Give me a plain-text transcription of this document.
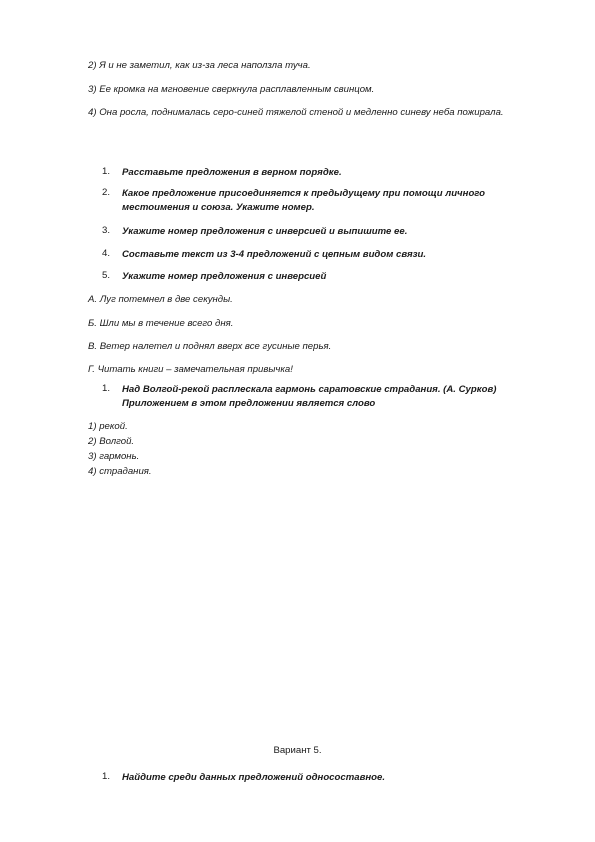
2) Я и не заметил, как из-за леса наползла туча.
3) Ее кромка на мгновение сверкнула расплавленным свинцом.
4) Она росла, поднималась серо-синей тяжелой стеной и медленно синеву неба пожирала.
1. Расставьте предложения в верном порядке.
2. Какое предложение присоединяется к предыдущему при помощи личного местоимения и союза. Укажите номер.
3. Укажите номер предложения с инверсией и выпишите ее.
4. Составьте текст из 3-4 предложений с цепным видом связи.
5. Укажите номер предложения с инверсией
А. Луг потемнел в две секунды.
Б. Шли мы в течение всего дня.
В. Ветер налетел и поднял вверх все гусиные перья.
Г. Читать книги – замечательная привычка!
1. Над Волгой-рекой расплескала гармонь саратовские страдания. (А. Сурков) Приложением в этом предложении является слово
1) рекой.
2) Волгой.
3) гармонь.
4) страдания.
Вариант 5.
1. Найдите среди данных предложений односоставное.
